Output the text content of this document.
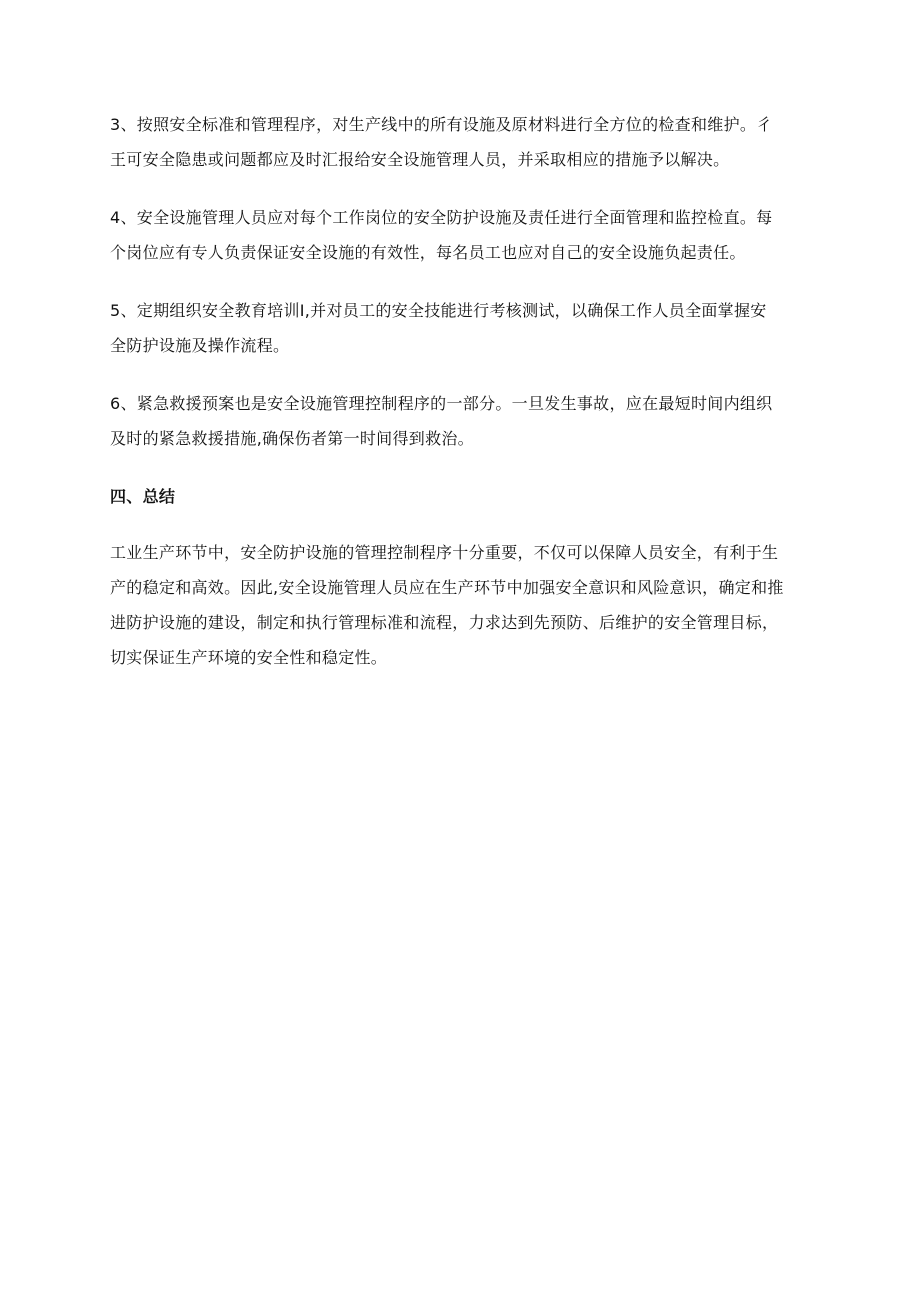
3、按照安全标准和管理程序，对生产线中的所有设施及原材料进行全方位的检查和维护。彳
王可安全隐患或问题都应及时汇报给安全设施管理人员，并采取相应的措施予以解决。

4、安全设施管理人员应对每个工作岗位的安全防护设施及责任进行全面管理和监控检直。每
个岗位应有专人负责保证安全设施的有效性，每名员工也应对自己的安全设施负起责任。

5、定期组织安全教育培训I,并对员工的安全技能进行考核测试，以确保工作人员全面掌握安
全防护设施及操作流程。

6、紧急救援预案也是安全设施管理控制程序的一部分。一旦发生事故，应在最短时间内组织
及时的紧急救援措施,确保伤者第一时间得到救治。

四、总结

工业生产环节中，安全防护设施的管理控制程序十分重要，不仅可以保障人员安全，有利于生
产的稳定和高效。因此,安全设施管理人员应在生产环节中加强安全意识和风险意识，确定和推
进防护设施的建设，制定和执行管理标准和流程，力求达到先预防、后维护的安全管理目标，
切实保证生产环境的安全性和稳定性。
